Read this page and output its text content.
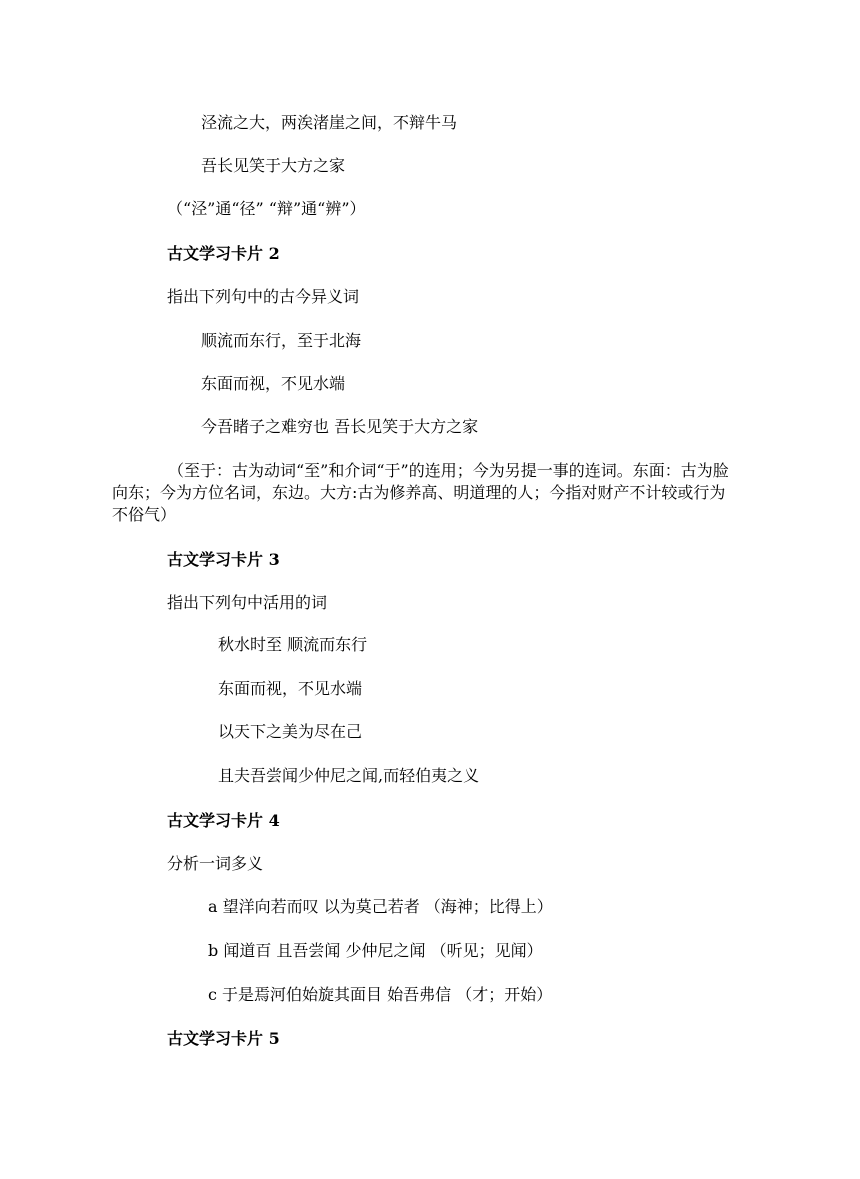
泾流之大，两涘渚崖之间，不辩牛马
吾长见笑于大方之家
（“泾”通“径” “辩”通“辨”）
古文学习卡片 2
指出下列句中的古今异义词
顺流而东行，至于北海
东面而视，不见水端
今吾睹子之难穷也 吾长见笑于大方之家
（至于：古为动词“至”和介词“于”的连用；今为另提一事的连词。东面：古为脸向东；今为方位名词，东边。大方:古为修养高、明道理的人；今指对财产不计较或行为不俗气）
古文学习卡片 3
指出下列句中活用的词
秋水时至 顺流而东行
东面而视，不见水端
以天下之美为尽在己
且夫吾尝闻少仲尼之闻,而轻伯夷之义
古文学习卡片 4
分析一词多义
a 望洋向若而叹 以为莫己若者 （海神；比得上）
b 闻道百 且吾尝闻 少仲尼之闻 （听见；见闻）
c 于是焉河伯始旋其面目 始吾弗信 （才；开始）
古文学习卡片 5
